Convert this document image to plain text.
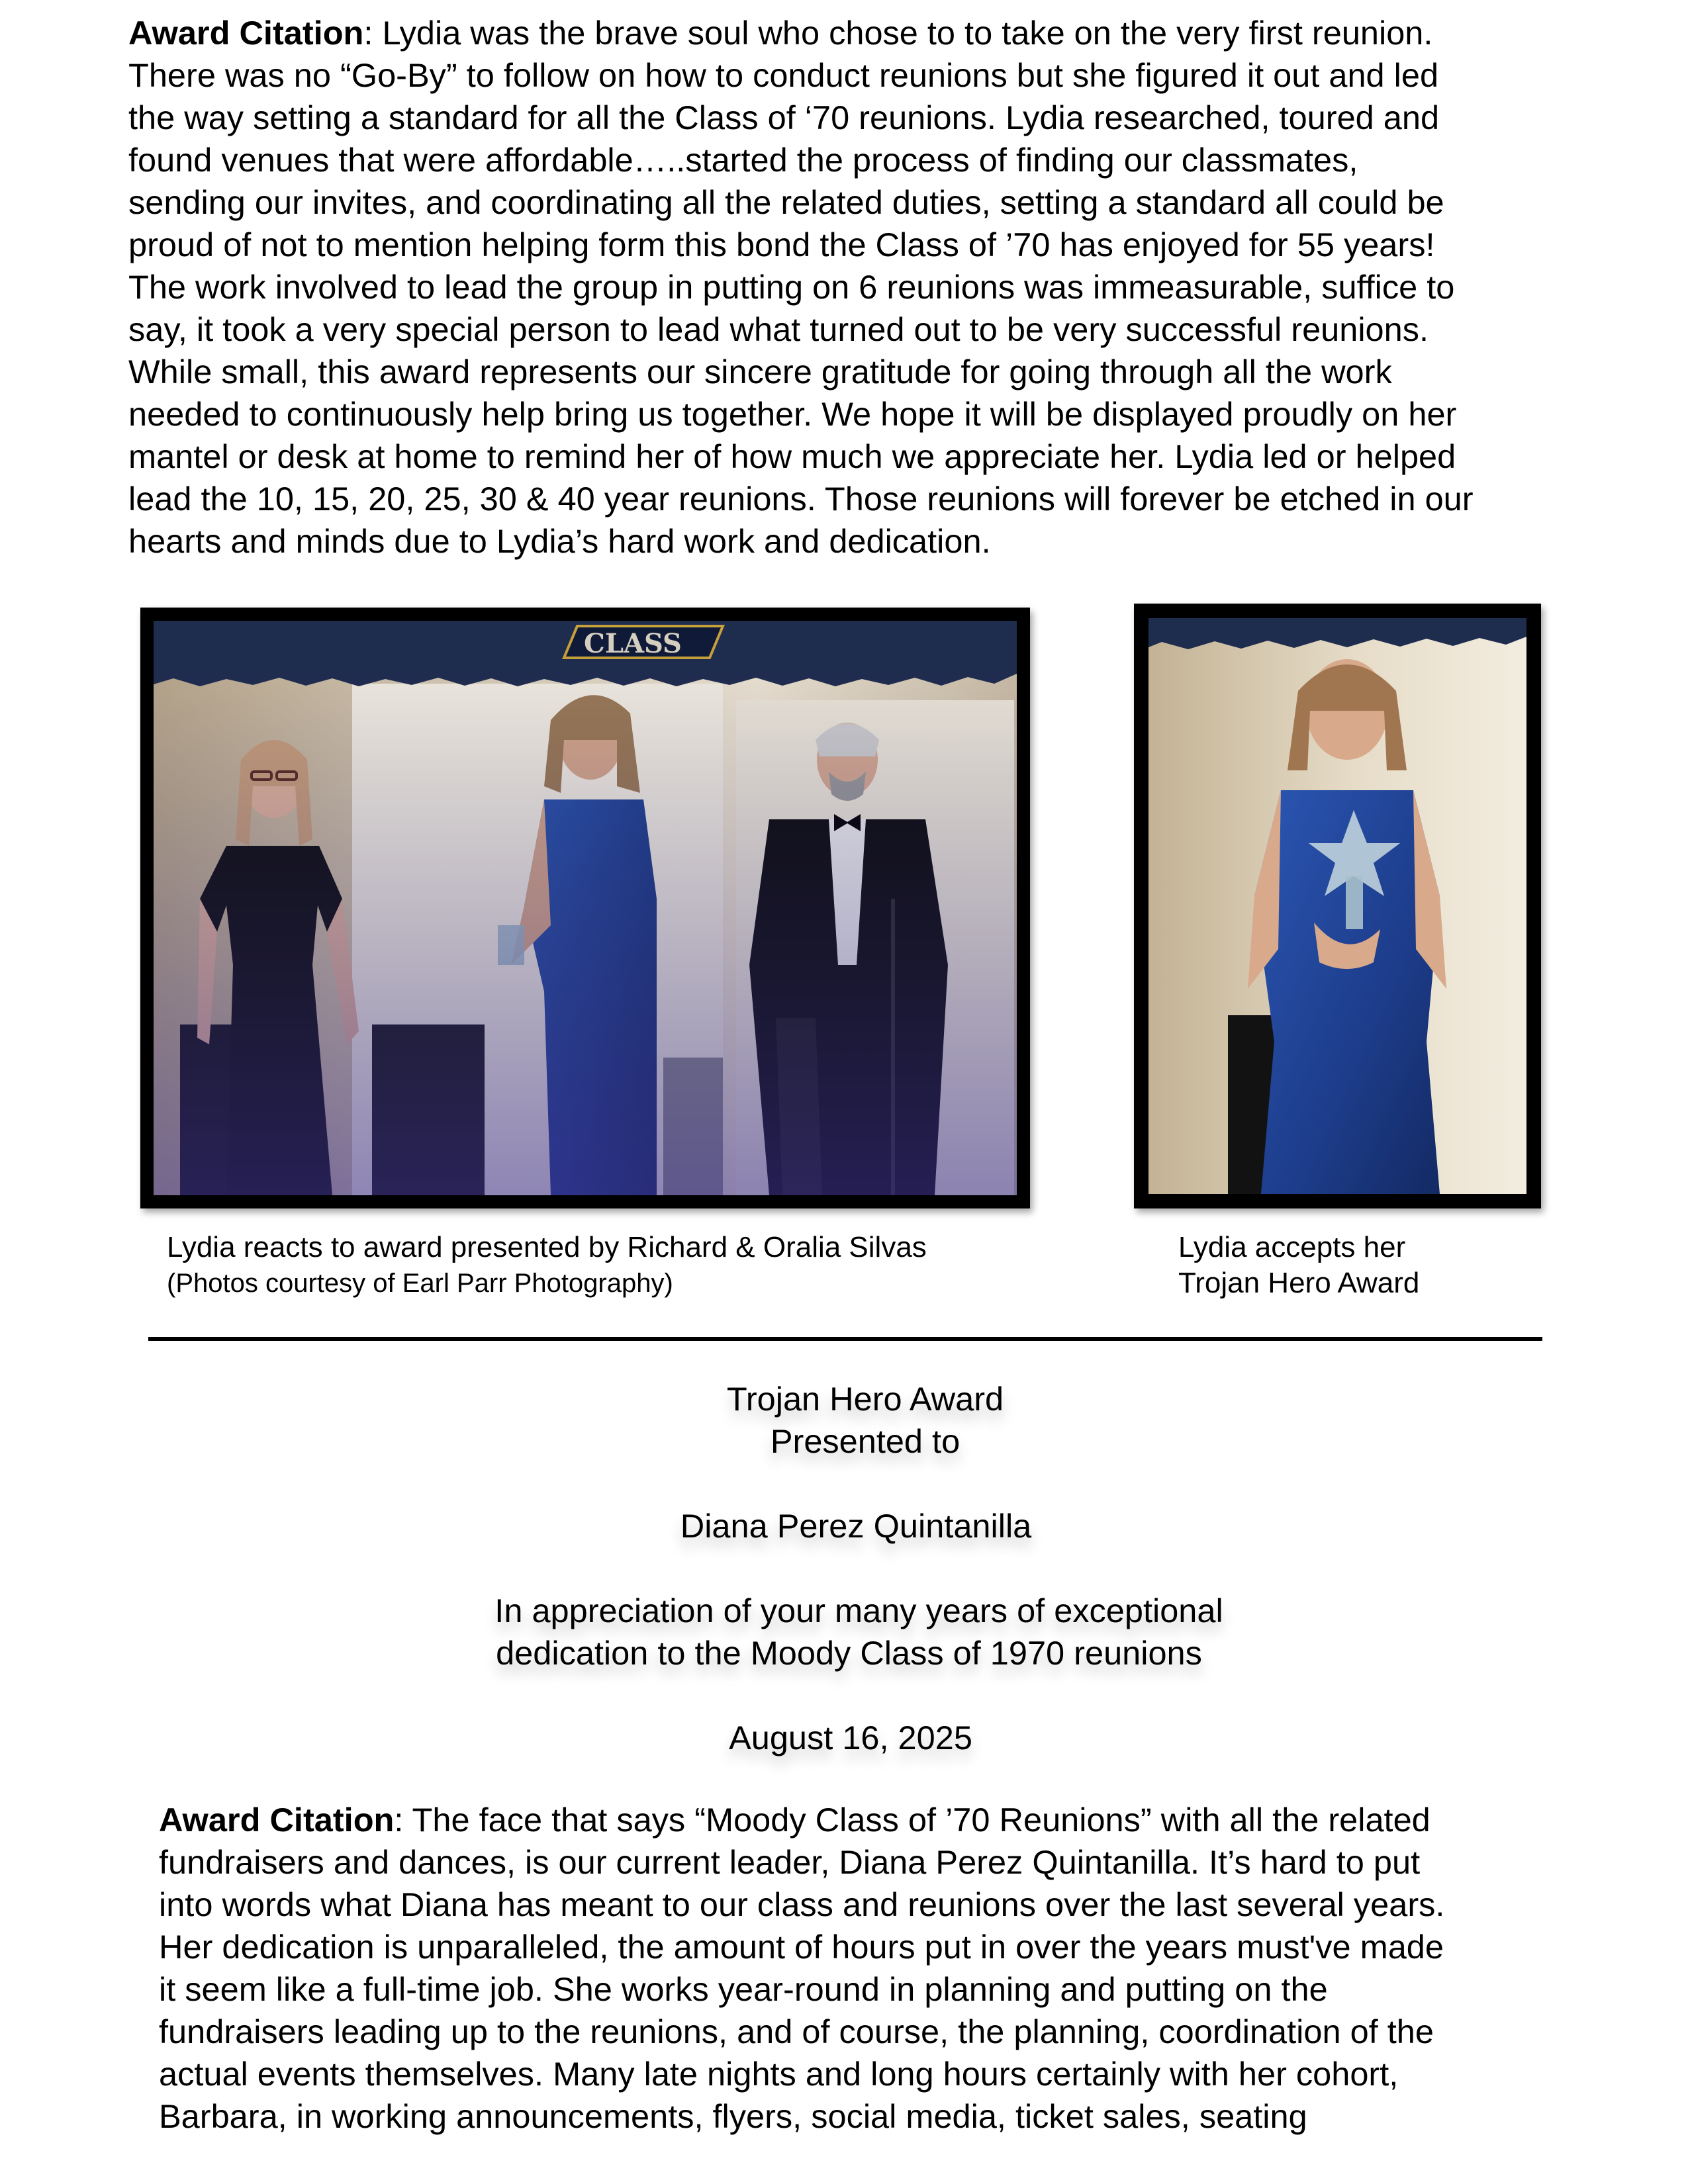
Award Citation: Lydia was the brave soul who chose to to take on the very first reunion.
There was no “Go-By” to follow on how to conduct reunions but she figured it out and led
the way setting a standard for all the Class of ‘70 reunions. Lydia researched, toured and
found venues that were affordable…..started the process of finding our classmates,
sending our invites, and coordinating all the related duties, setting a standard all could be
proud of not to mention helping form this bond the Class of ’70 has enjoyed for 55 years!
The work involved to lead the group in putting on 6 reunions was immeasurable, suffice to
say, it took a very special person to lead what turned out to be very successful reunions.
While small, this award represents our sincere gratitude for going through all the work
needed to continuously help bring us together. We hope it will be displayed proudly on her
mantel or desk at home to remind her of how much we appreciate her. Lydia led or helped
lead the 10, 15, 20, 25, 30 & 40 year reunions. Those reunions will forever be etched in our
hearts and minds due to Lydia’s hard work and dedication.
Lydia reacts to award presented by Richard & Oralia Silvas
(Photos courtesy of Earl Parr Photography)
Lydia accepts her
Trojan Hero Award
Trojan Hero Award
Presented to
Diana Perez Quintanilla
In appreciation of your many years of exceptional
dedication to the Moody Class of 1970 reunions
August 16, 2025
Award Citation: The face that says “Moody Class of ’70 Reunions” with all the related
fundraisers and dances, is our current leader, Diana Perez Quintanilla. It’s hard to put
into words what Diana has meant to our class and reunions over the last several years.
Her dedication is unparalleled, the amount of hours put in over the years must've made
it seem like a full-time job. She works year-round in planning and putting on the
fundraisers leading up to the reunions, and of course, the planning, coordination of the
actual events themselves. Many late nights and long hours certainly with her cohort,
Barbara, in working announcements, flyers, social media, ticket sales, seating
